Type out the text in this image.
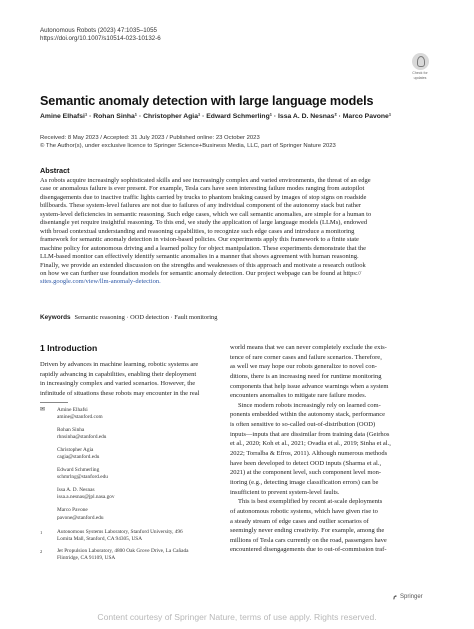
Autonomous Robots (2023) 47:1035–1055
https://doi.org/10.1007/s10514-023-10132-6
Check for
updates
Semantic anomaly detection with large language models
Amine Elhafsi¹ · Rohan Sinha¹ · Christopher Agia¹ · Edward Schmerling¹ · Issa A. D. Nesnas² · Marco Pavone¹
Received: 8 May 2023 / Accepted: 31 July 2023 / Published online: 23 October 2023
© The Author(s), under exclusive licence to Springer Science+Business Media, LLC, part of Springer Nature 2023
Abstract
As robots acquire increasingly sophisticated skills and see increasingly complex and varied environments, the threat of an edge
case or anomalous failure is ever present. For example, Tesla cars have seen interesting failure modes ranging from autopilot
disengagements due to inactive traffic lights carried by trucks to phantom braking caused by images of stop signs on roadside
billboards. These system-level failures are not due to failures of any individual component of the autonomy stack but rather
system-level deficiencies in semantic reasoning. Such edge cases, which we call semantic anomalies, are simple for a human to
disentangle yet require insightful reasoning. To this end, we study the application of large language models (LLMs), endowed
with broad contextual understanding and reasoning capabilities, to recognize such edge cases and introduce a monitoring
framework for semantic anomaly detection in vision-based policies. Our experiments apply this framework to a finite state
machine policy for autonomous driving and a learned policy for object manipulation. These experiments demonstrate that the
LLM-based monitor can effectively identify semantic anomalies in a manner that shows agreement with human reasoning.
Finally, we provide an extended discussion on the strengths and weaknesses of this approach and motivate a research outlook
on how we can further use foundation models for semantic anomaly detection. Our project webpage can be found at https://
sites.google.com/view/llm-anomaly-detection.
Keywords Semantic reasoning · OOD detection · Fault monitoring
1 Introduction
Driven by advances in machine learning, robotic systems are
rapidly advancing in capabilities, enabling their deployment
in increasingly complex and varied scenarios. However, the
infinitude of situations these robots may encounter in the real
✉	Amine Elhafsi
amine@stanford.com
Rohan Sinha
rhnsinha@stanford.edu
Christopher Agia
cagia@stanford.edu
Edward Schmerling
schmrlng@stanford.edu
Issa A. D. Nesnas
issa.a.nesnas@jpl.nasa.gov
Marco Pavone
pavone@stanford.edu
1	Autonomous Systems Laboratory, Stanford University, 496
Lomita Mall, Stanford, CA 94305, USA
2	Jet Propulsion Laboratory, 4800 Oak Grove Drive, La Cañada
Flintridge, CA 91109, USA
world means that we can never completely exclude the exis-
tence of rare corner cases and failure scenarios. Therefore,
as well we may hope our robots generalize to novel con-
ditions, there is an increasing need for runtime monitoring
components that help issue advance warnings when a system
encounters anomalies to mitigate rare failure modes.
Since modern robots increasingly rely on learned com-
ponents embedded within the autonomy stack, performance
is often sensitive to so-called out-of-distribution (OOD)
inputs—inputs that are dissimilar from training data (Geirhos
et al., 2020; Koh et al., 2021; Ovadia et al., 2019; Sinha et al.,
2022; Torralba & Efros, 2011). Although numerous methods
have been developed to detect OOD inputs (Sharma et al.,
2021) at the component level, such component level mon-
itoring (e.g., detecting image classification errors) can be
insufficient to prevent system-level faults.
This is best exemplified by recent at-scale deployments
of autonomous robotic systems, which have given rise to
a steady stream of edge cases and outlier scenarios of
seemingly never ending creativity. For example, among the
millions of Tesla cars currently on the road, passengers have
encountered disengagements due to out-of-commission traf-
Springer
Content courtesy of Springer Nature, terms of use apply. Rights reserved.
